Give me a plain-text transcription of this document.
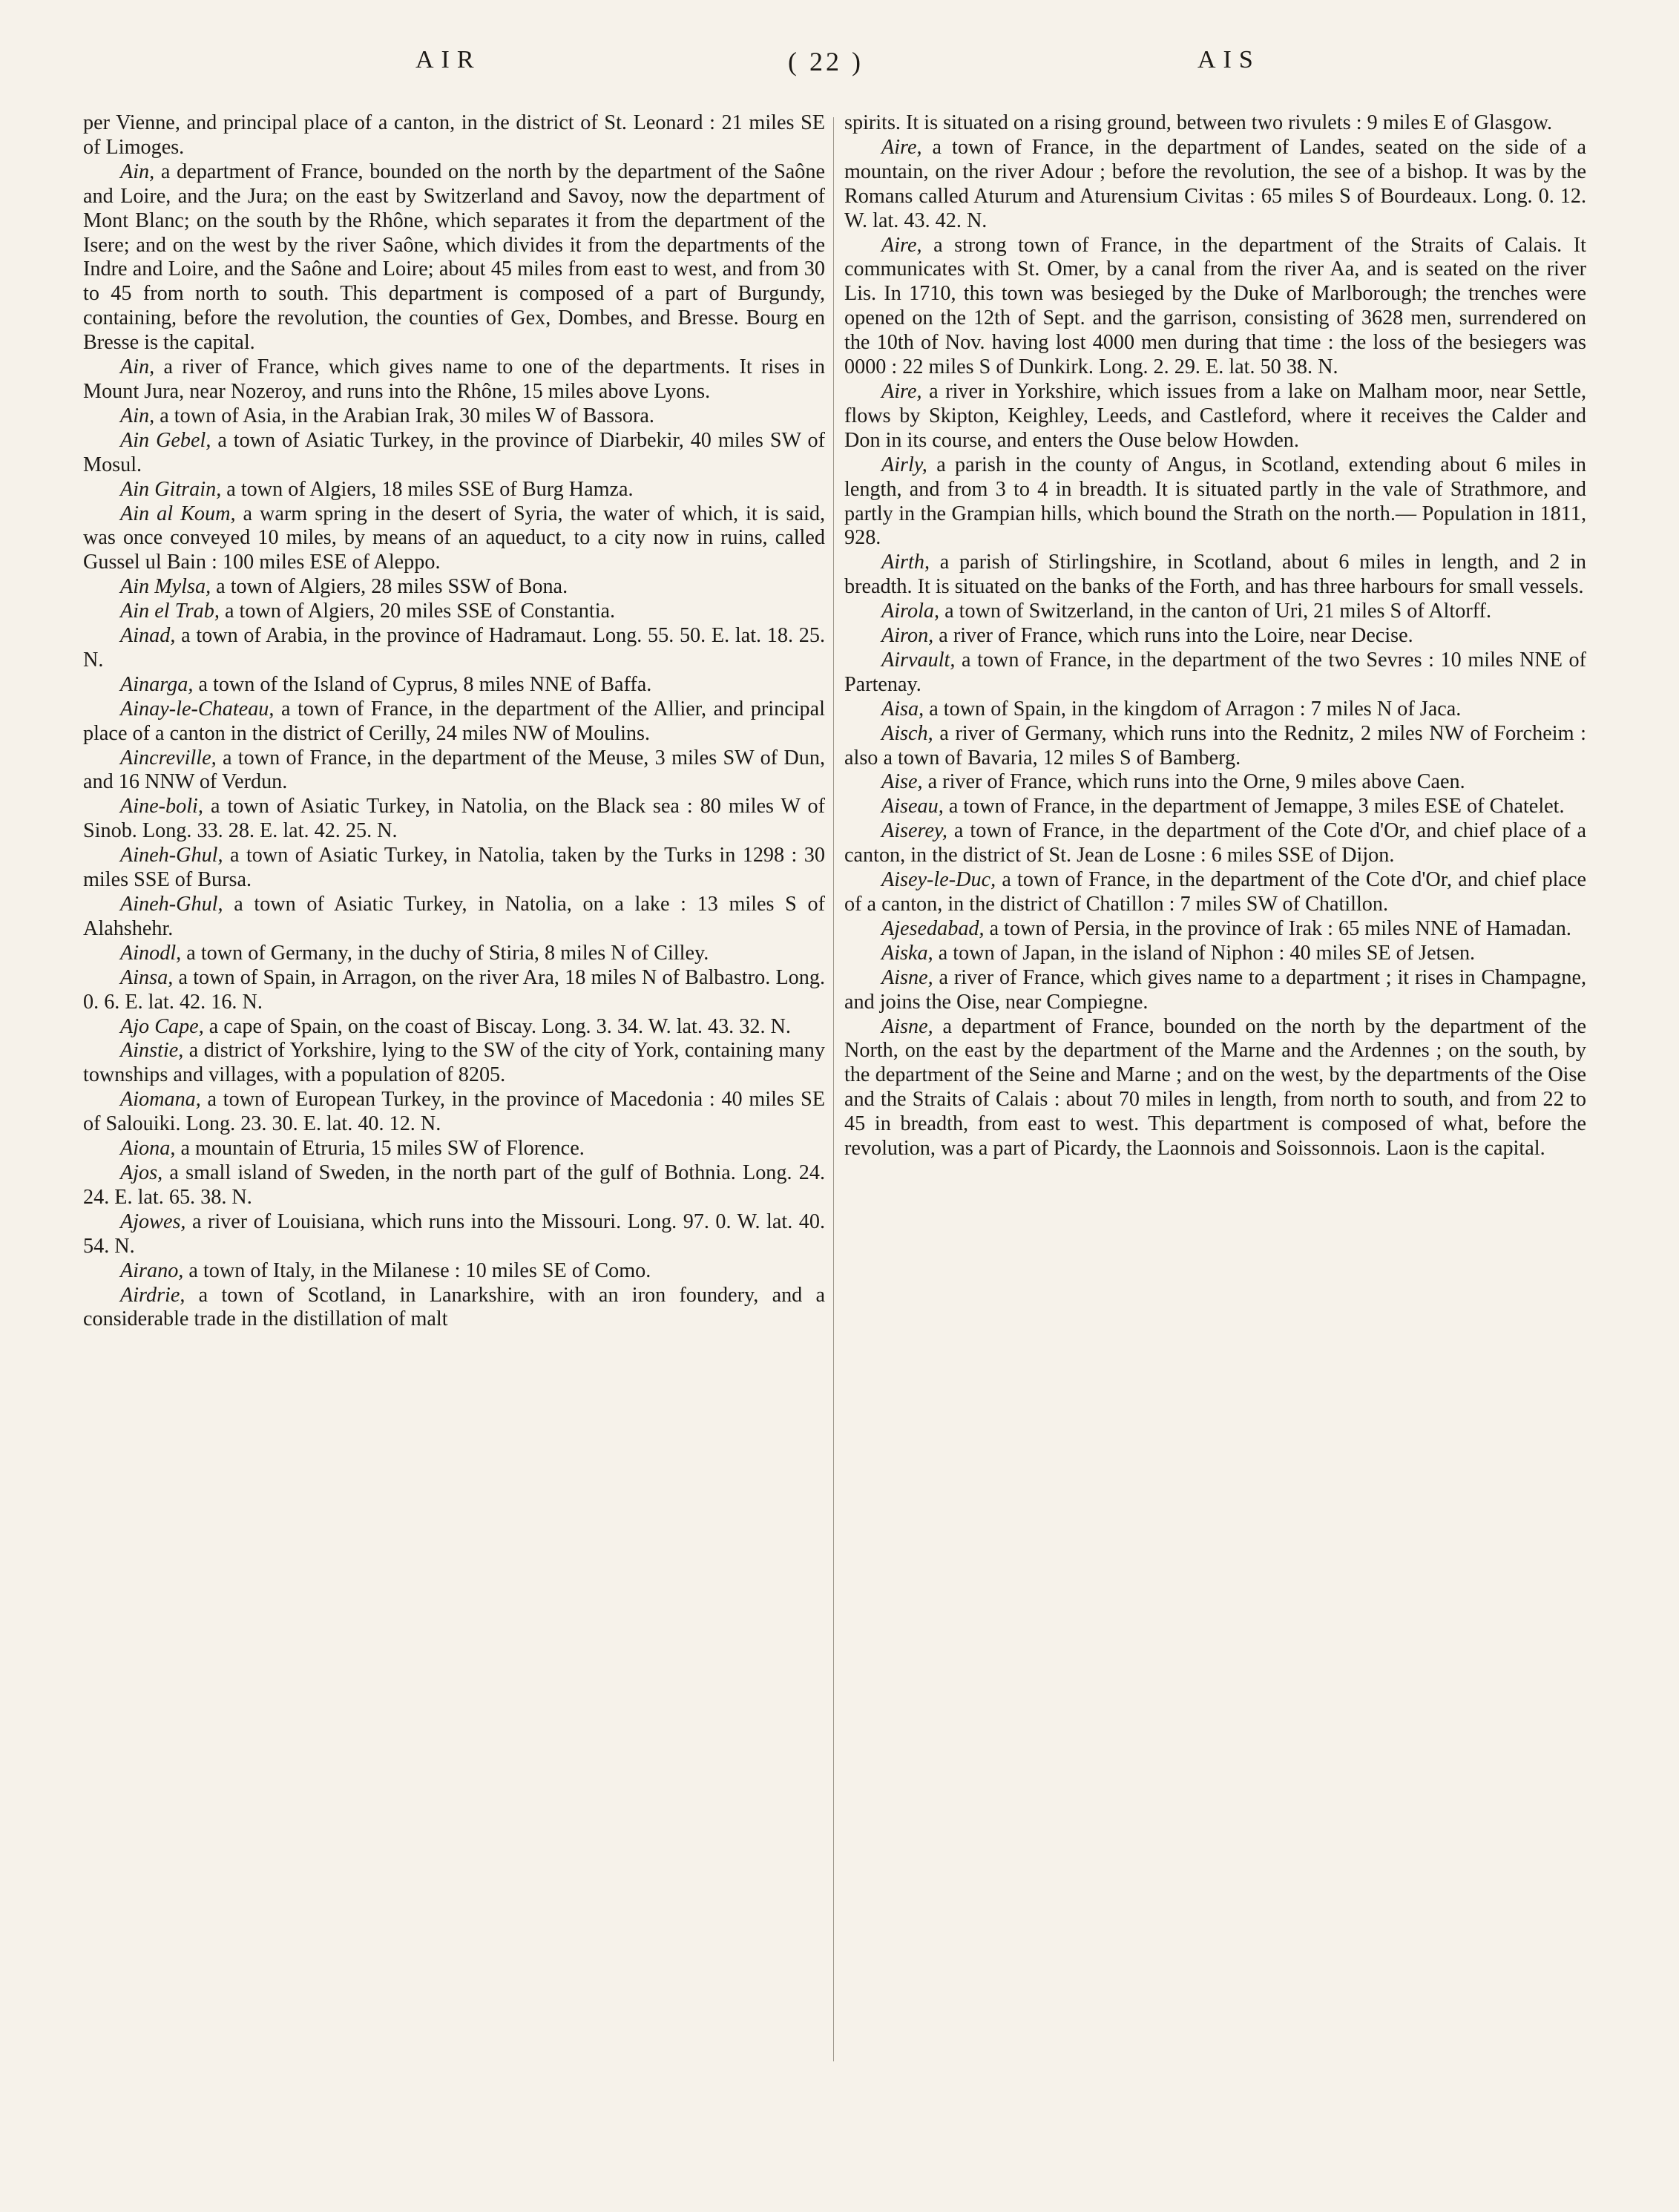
AIR	( 22 )	AIS

per Vienne, and principal place of a canton, in the district of St. Leonard : 21 miles SE of Limoges.

Ain, a department of France, bounded on the north by the department of the Saône and Loire, and the Jura; on the east by Switzerland and Savoy, now the department of Mont Blanc; on the south by the Rhône, which separates it from the department of the Isere; and on the west by the river Saône, which divides it from the departments of the Indre and Loire, and the Saône and Loire; about 45 miles from east to west, and from 30 to 45 from north to south. This department is composed of a part of Burgundy, containing, before the revolution, the counties of Gex, Dombes, and Bresse. Bourg en Bresse is the capital.

Ain, a river of France, which gives name to one of the departments. It rises in Mount Jura, near Nozeroy, and runs into the Rhône, 15 miles above Lyons.

Ain, a town of Asia, in the Arabian Irak, 30 miles W of Bassora.

Ain Gebel, a town of Asiatic Turkey, in the province of Diarbekir, 40 miles SW of Mosul.

Ain Gitrain, a town of Algiers, 18 miles SSE of Burg Hamza.

Ain al Koum, a warm spring in the desert of Syria, the water of which, it is said, was once conveyed 10 miles, by means of an aqueduct, to a city now in ruins, called Gussel ul Bain : 100 miles ESE of Aleppo.

Ain Mylsa, a town of Algiers, 28 miles SSW of Bona.

Ain el Trab, a town of Algiers, 20 miles SSE of Constantia.

Ainad, a town of Arabia, in the province of Hadramaut. Long. 55. 50. E. lat. 18. 25. N.

Ainarga, a town of the Island of Cyprus, 8 miles NNE of Baffa.

Ainay-le-Chateau, a town of France, in the department of the Allier, and principal place of a canton in the district of Cerilly, 24 miles NW of Moulins.

Aincreville, a town of France, in the department of the Meuse, 3 miles SW of Dun, and 16 NNW of Verdun.

Aine-boli, a town of Asiatic Turkey, in Natolia, on the Black sea : 80 miles W of Sinob. Long. 33. 28. E. lat. 42. 25. N.

Aineh-Ghul, a town of Asiatic Turkey, in Natolia, taken by the Turks in 1298 : 30 miles SSE of Bursa.

Aineh-Ghul, a town of Asiatic Turkey, in Natolia, on a lake : 13 miles S of Alahshehr.

Ainodl, a town of Germany, in the duchy of Stiria, 8 miles N of Cilley.

Ainsa, a town of Spain, in Arragon, on the river Ara, 18 miles N of Balbastro. Long. 0. 6. E. lat. 42. 16. N.

Ajo Cape, a cape of Spain, on the coast of Biscay. Long. 3. 34. W. lat. 43. 32. N.

Ainstie, a district of Yorkshire, lying to the SW of the city of York, containing many townships and villages, with a population of 8205.

Aiomana, a town of European Turkey, in the province of Macedonia : 40 miles SE of Salouiki. Long. 23. 30. E. lat. 40. 12. N.

Aiona, a mountain of Etruria, 15 miles SW of Florence.

Ajos, a small island of Sweden, in the north part of the gulf of Bothnia. Long. 24. 24. E. lat. 65. 38. N.

Ajowes, a river of Louisiana, which runs into the Missouri. Long. 97. 0. W. lat. 40. 54. N.

Airano, a town of Italy, in the Milanese : 10 miles SE of Como.

Airdrie, a town of Scotland, in Lanarkshire, with an iron foundery, and a considerable trade in the distillation of malt

spirits. It is situated on a rising ground, between two rivulets : 9 miles E of Glasgow.

Aire, a town of France, in the department of Landes, seated on the side of a mountain, on the river Adour ; before the revolution, the see of a bishop. It was by the Romans called Aturum and Aturensium Civitas : 65 miles S of Bourdeaux. Long. 0. 12. W. lat. 43. 42. N.

Aire, a strong town of France, in the department of the Straits of Calais. It communicates with St. Omer, by a canal from the river Aa, and is seated on the river Lis. In 1710, this town was besieged by the Duke of Marlborough; the trenches were opened on the 12th of Sept. and the garrison, consisting of 3628 men, surrendered on the 10th of Nov. having lost 4000 men during that time : the loss of the besiegers was 0000 : 22 miles S of Dunkirk. Long. 2. 29. E. lat. 50 38. N.

Aire, a river in Yorkshire, which issues from a lake on Malham moor, near Settle, flows by Skipton, Keighley, Leeds, and Castleford, where it receives the Calder and Don in its course, and enters the Ouse below Howden.

Airly, a parish in the county of Angus, in Scotland, extending about 6 miles in length, and from 3 to 4 in breadth. It is situated partly in the vale of Strathmore, and partly in the Grampian hills, which bound the Strath on the north.— Population in 1811, 928.

Airth, a parish of Stirlingshire, in Scotland, about 6 miles in length, and 2 in breadth. It is situated on the banks of the Forth, and has three harbours for small vessels.

Airola, a town of Switzerland, in the canton of Uri, 21 miles S of Altorff.

Airon, a river of France, which runs into the Loire, near Decise.

Airvault, a town of France, in the department of the two Sevres : 10 miles NNE of Partenay.

Aisa, a town of Spain, in the kingdom of Arragon : 7 miles N of Jaca.

Aisch, a river of Germany, which runs into the Rednitz, 2 miles NW of Forcheim : also a town of Bavaria, 12 miles S of Bamberg.

Aise, a river of France, which runs into the Orne, 9 miles above Caen.

Aiseau, a town of France, in the department of Jemappe, 3 miles ESE of Chatelet.

Aiserey, a town of France, in the department of the Cote d'Or, and chief place of a canton, in the district of St. Jean de Losne : 6 miles SSE of Dijon.

Aisey-le-Duc, a town of France, in the department of the Cote d'Or, and chief place of a canton, in the district of Chatillon : 7 miles SW of Chatillon.

Ajesedabad, a town of Persia, in the province of Irak : 65 miles NNE of Hamadan.

Aiska, a town of Japan, in the island of Niphon : 40 miles SE of Jetsen.

Aisne, a river of France, which gives name to a department ; it rises in Champagne, and joins the Oise, near Compiegne.

Aisne, a department of France, bounded on the north by the department of the North, on the east by the department of the Marne and the Ardennes ; on the south, by the department of the Seine and Marne ; and on the west, by the departments of the Oise and the Straits of Calais : about 70 miles in length, from north to south, and from 22 to 45 in breadth, from east to west. This department is composed of what, before the revolution, was a part of Picardy, the Laonnois and Soissonnois. Laon is the capital.
